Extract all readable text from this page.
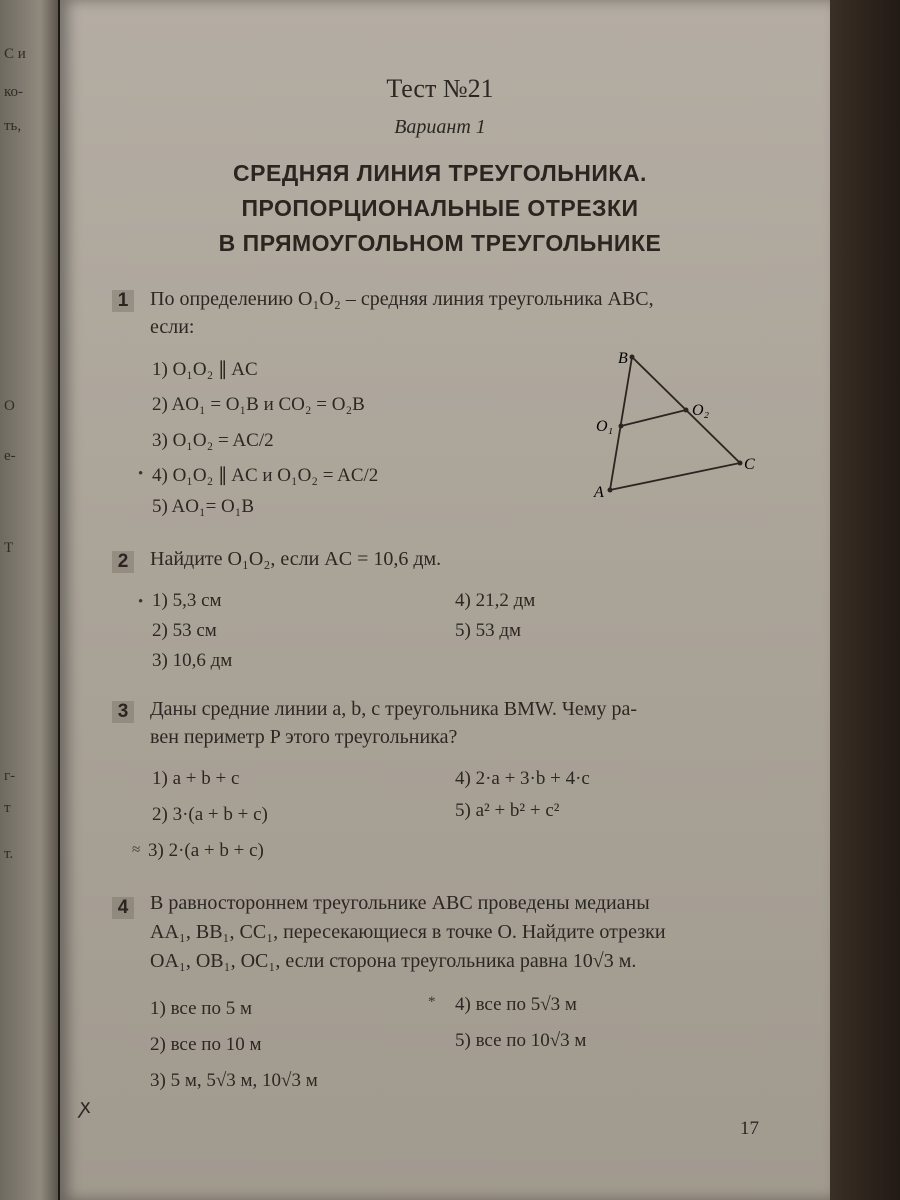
С и
ко-
ть,
O
е-
Т
г-
т
т.
Тест №21
Вариант 1
СРЕДНЯЯ ЛИНИЯ ТРЕУГОЛЬНИКА.
ПРОПОРЦИОНАЛЬНЫЕ ОТРЕЗКИ
В ПРЯМОУГОЛЬНОМ ТРЕУГОЛЬНИКЕ
1 По определению O₁O₂ – средняя линия треугольника ABC,
если:
1) O₁O₂ ∥ AC
2) AO₁ = O₁B и CO₂ = O₂B
3) O₁O₂ = AC/2
• 4) O₁O₂ ∥ AC и O₁O₂ = AC/2
5) AO₁= O₁B
B
A
C
O₁
O₂
2 Найдите O₁O₂, если AC = 10,6 дм.
• 1) 5,3 см
2) 53 см
3) 10,6 дм
4) 21,2 дм
5) 53 дм
3 Даны средние линии a, b, c треугольника BMW. Чему ра-
вен периметр P этого треугольника?
1) a + b + c
2) 3·(a + b + c)
≈ 3) 2·(a + b + c)
4) 2·a + 3·b + 4·c
5) a² + b² + c²
4 В равностороннем треугольнике ABC проведены медианы
AA₁, BB₁, CC₁, пересекающиеся в точке O. Найдите отрезки
OA₁, OB₁, OC₁, если сторона треугольника равна 10√3 м.
1) все по 5 м
2) все по 10 м
3) 5 м, 5√3 м, 10√3 м
* 4) все по 5√3 м
5) все по 10√3 м
ꭗ
17
